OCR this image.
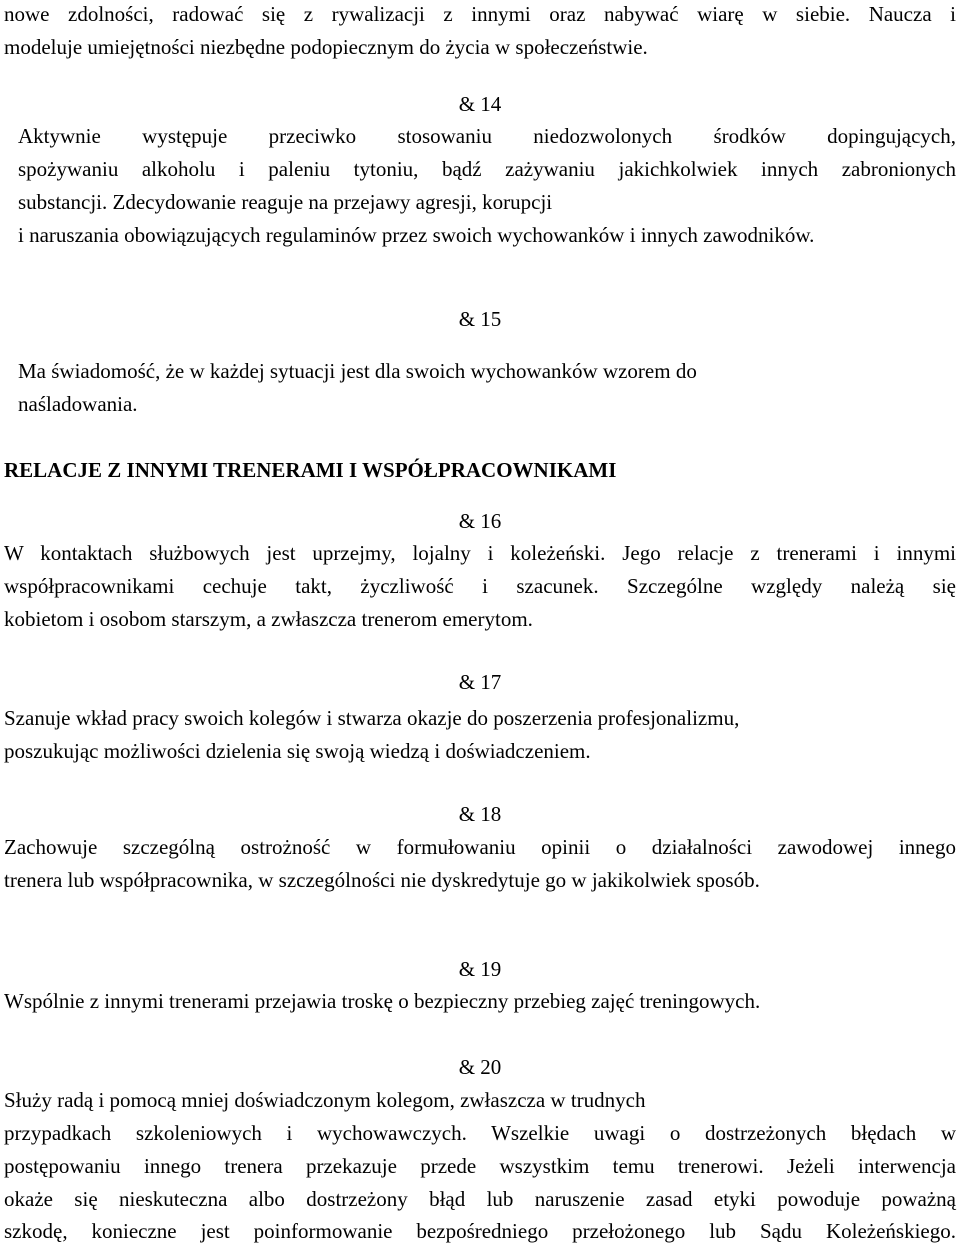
nowe zdolności, radować się z rywalizacji z innymi oraz nabywać wiarę w siebie. Naucza i
modeluje umiejętności niezbędne podopiecznym do życia w społeczeństwie.
& 14
Aktywnie występuje przeciwko stosowaniu niedozwolonych środków dopingujących,
spożywaniu alkoholu i paleniu tytoniu, bądź zażywaniu jakichkolwiek innych zabronionych
substancji. Zdecydowanie reaguje na przejawy agresji, korupcji
i naruszania obowiązujących regulaminów przez swoich wychowanków i innych zawodników.
& 15
Ma świadomość, że w każdej sytuacji jest dla swoich wychowanków wzorem do
naśladowania.
RELACJE Z INNYMI TRENERAMI I WSPÓŁPRACOWNIKAMI
& 16
W kontaktach służbowych jest uprzejmy, lojalny i koleżeński. Jego relacje z trenerami i innymi
współpracownikami cechuje takt, życzliwość i szacunek. Szczególne względy należą się
kobietom i osobom starszym, a zwłaszcza trenerom emerytom.
& 17
Szanuje wkład pracy swoich kolegów i stwarza okazje do poszerzenia profesjonalizmu,
poszukując możliwości dzielenia się swoją wiedzą i doświadczeniem.
& 18
Zachowuje szczególną ostrożność w formułowaniu opinii o działalności zawodowej innego
trenera lub współpracownika, w szczególności nie dyskredytuje go w jakikolwiek sposób.
& 19
Wspólnie z innymi trenerami przejawia troskę o bezpieczny przebieg zajęć treningowych.
& 20
Służy radą i pomocą mniej doświadczonym kolegom, zwłaszcza w trudnych
przypadkach szkoleniowych i wychowawczych. Wszelkie uwagi o dostrzeżonych błędach w
postępowaniu innego trenera przekazuje przede wszystkim temu trenerowi. Jeżeli interwencja
okaże się nieskuteczna albo dostrzeżony błąd lub naruszenie zasad etyki powoduje poważną
szkodę, konieczne jest poinformowanie bezpośredniego przełożonego lub Sądu Koleżeńskiego.
